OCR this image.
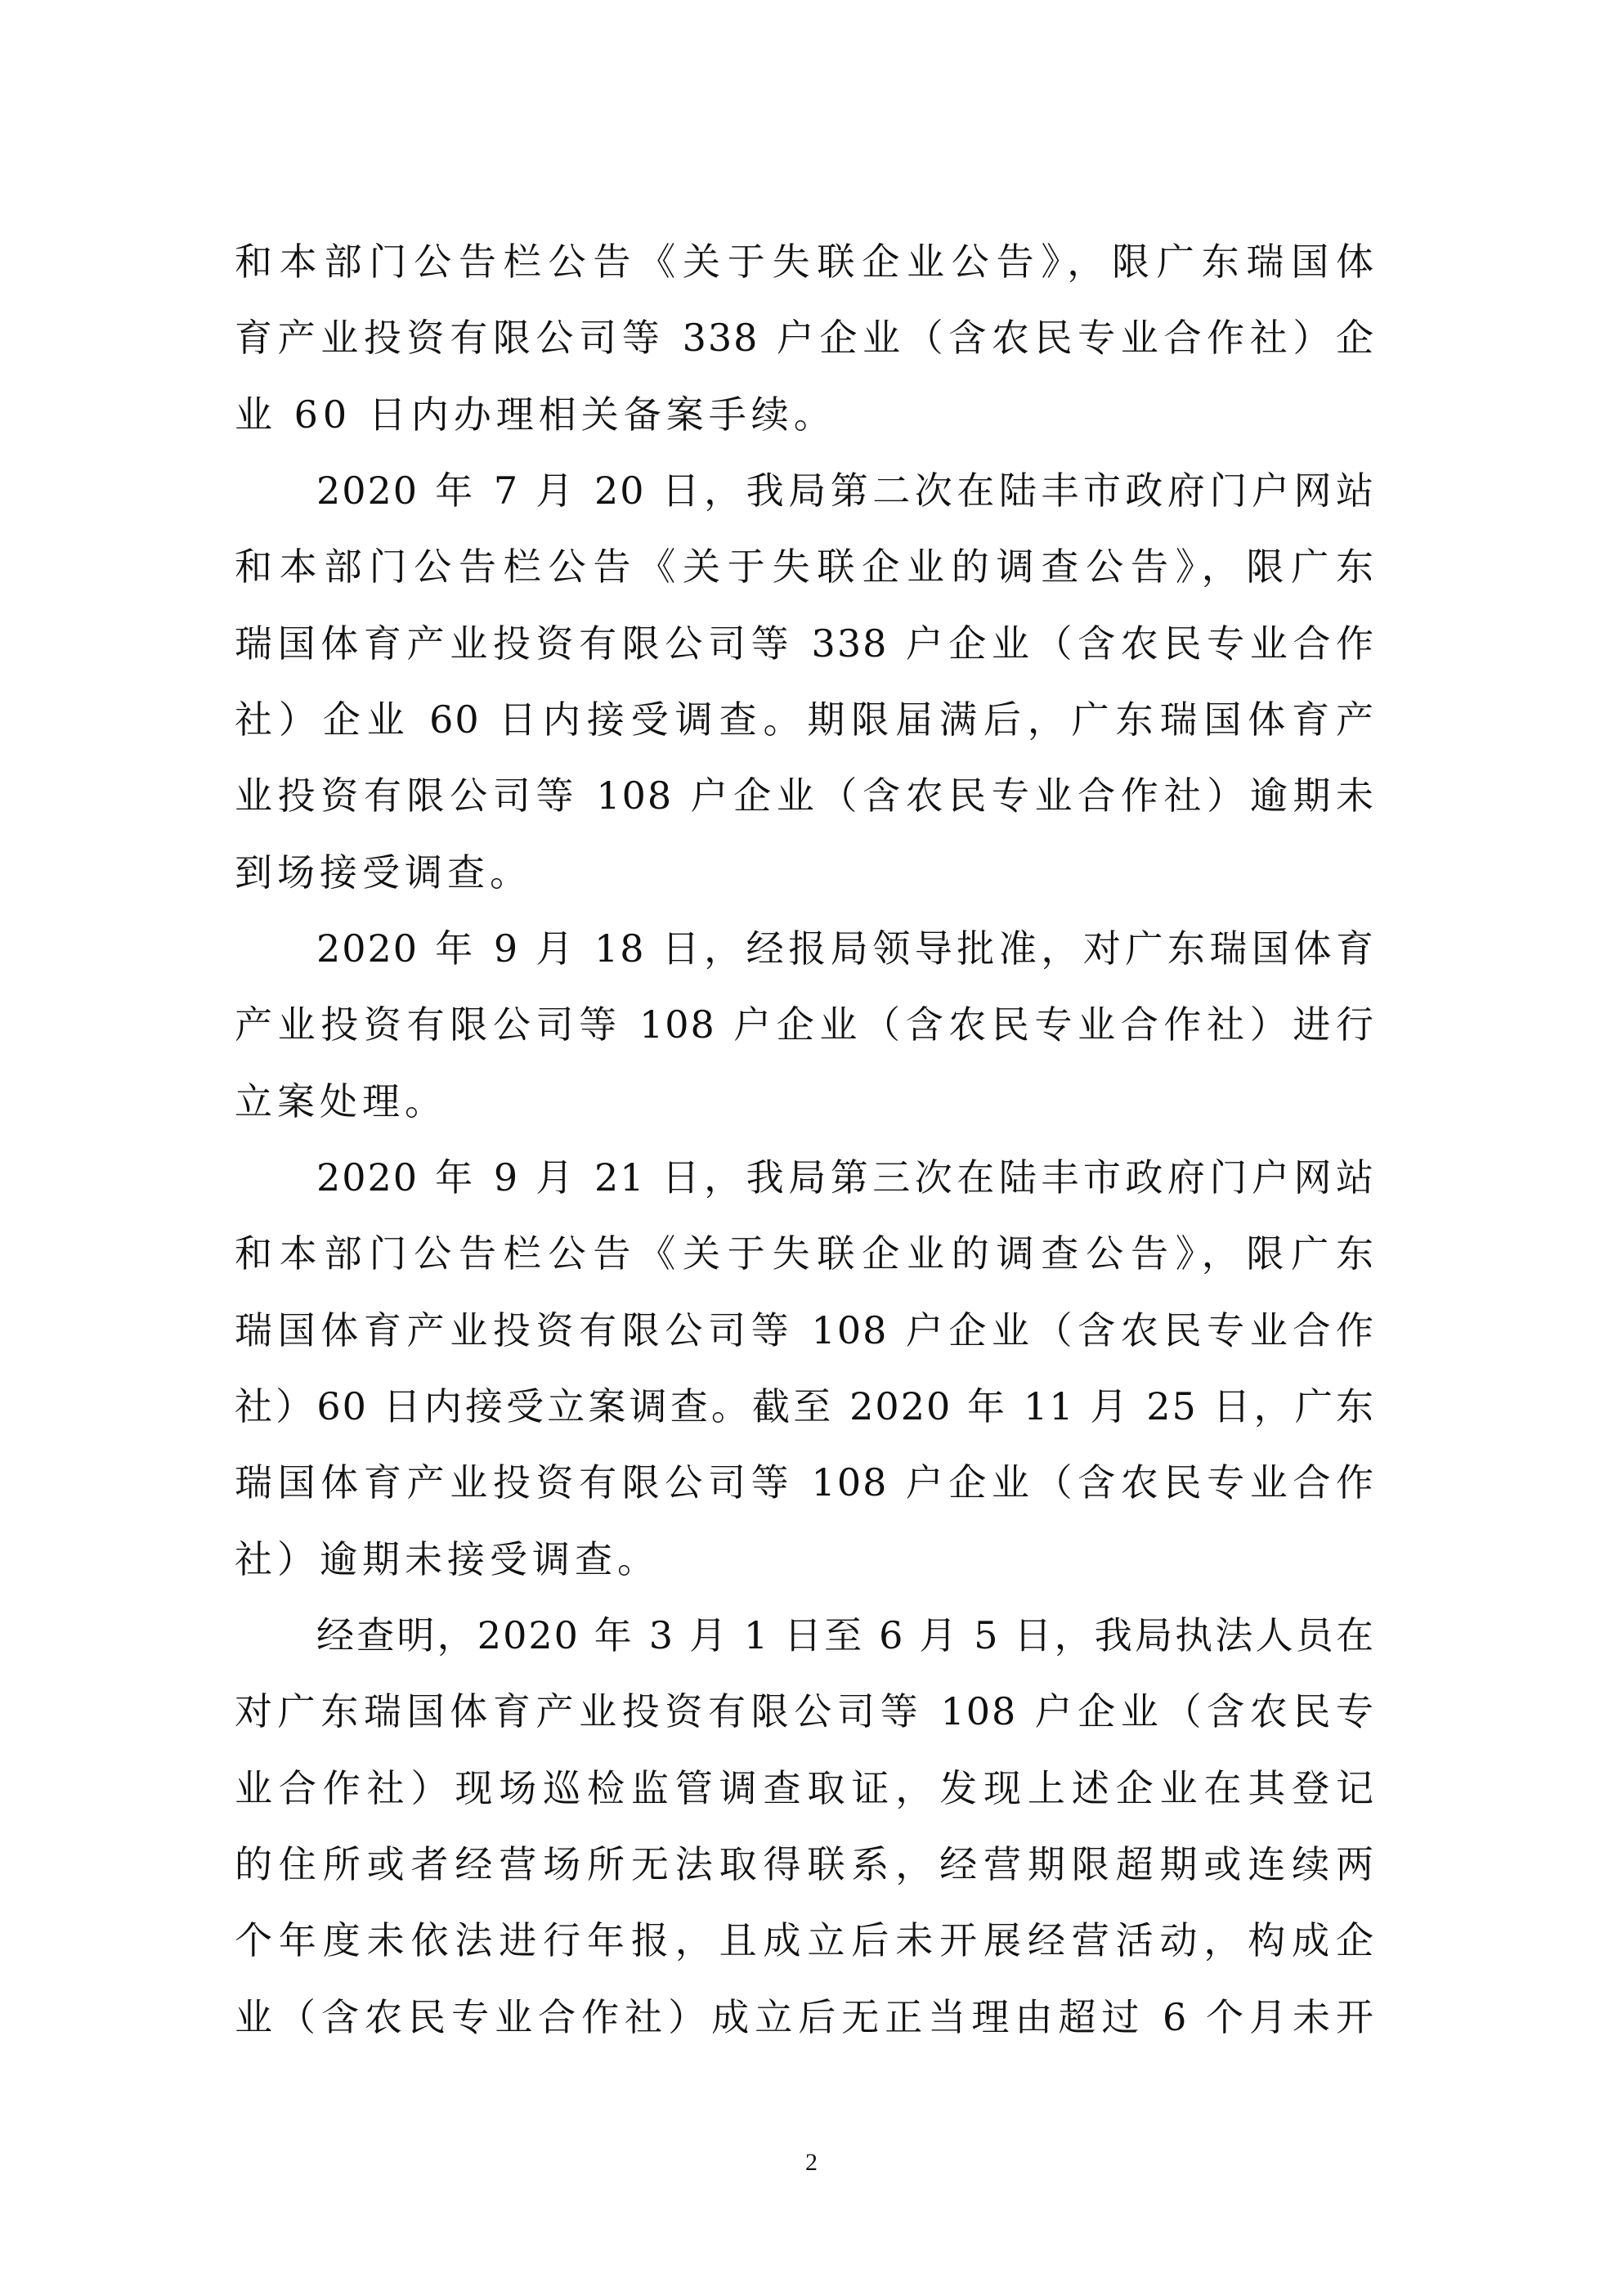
和本部门公告栏公告《关于失联企业公告》，限广东瑞国体
育产业投资有限公司等 338 户企业（含农民专业合作社）企
业 60 日内办理相关备案手续。
2020 年 7 月 20 日，我局第二次在陆丰市政府门户网站
和本部门公告栏公告《关于失联企业的调查公告》，限广东
瑞国体育产业投资有限公司等 338 户企业（含农民专业合作
社）企业 60 日内接受调查。期限届满后，广东瑞国体育产
业投资有限公司等 108 户企业（含农民专业合作社）逾期未
到场接受调查。
2020 年 9 月 18 日，经报局领导批准，对广东瑞国体育
产业投资有限公司等 108 户企业（含农民专业合作社）进行
立案处理。
2020 年 9 月 21 日，我局第三次在陆丰市政府门户网站
和本部门公告栏公告《关于失联企业的调查公告》，限广东
瑞国体育产业投资有限公司等 108 户企业（含农民专业合作
社）60 日内接受立案调查。截至 2020 年 11 月 25 日，广东
瑞国体育产业投资有限公司等 108 户企业（含农民专业合作
社）逾期未接受调查。
经查明，2020 年 3 月 1 日至 6 月 5 日，我局执法人员在
对广东瑞国体育产业投资有限公司等 108 户企业（含农民专
业合作社）现场巡检监管调查取证，发现上述企业在其登记
的住所或者经营场所无法取得联系，经营期限超期或连续两
个年度未依法进行年报，且成立后未开展经营活动，构成企
业（含农民专业合作社）成立后无正当理由超过 6 个月未开
2
